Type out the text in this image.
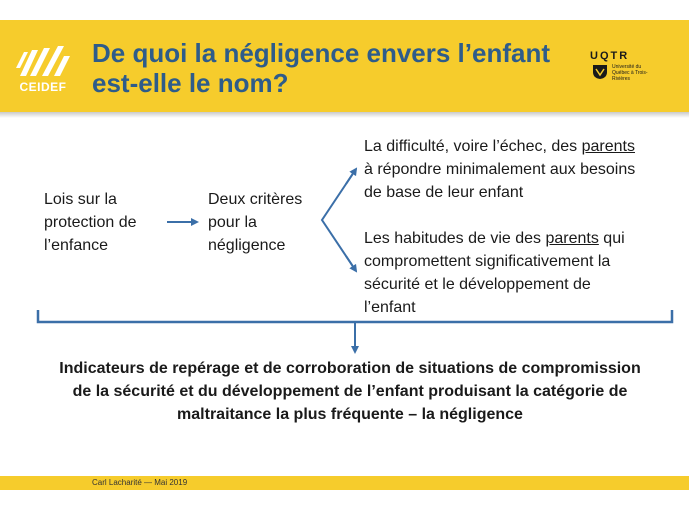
CEIDEF
De quoi la négligence envers l’enfant
est-elle le nom?
UQTR
Université du Québec à Trois-Rivières

Lois sur la
protection de
l’enfance

Deux critères
pour la
négligence

La difficulté, voire l’échec, des parents
à répondre minimalement aux besoins
de base de leur enfant

Les habitudes de vie des parents qui
compromettent significativement la
sécurité et le développement de
l’enfant

Indicateurs de repérage et de corroboration de situations de compromission
de la sécurité et du développement de l’enfant produisant la catégorie de
maltraitance la plus fréquente – la négligence

Carl Lacharité — Mai 2019
